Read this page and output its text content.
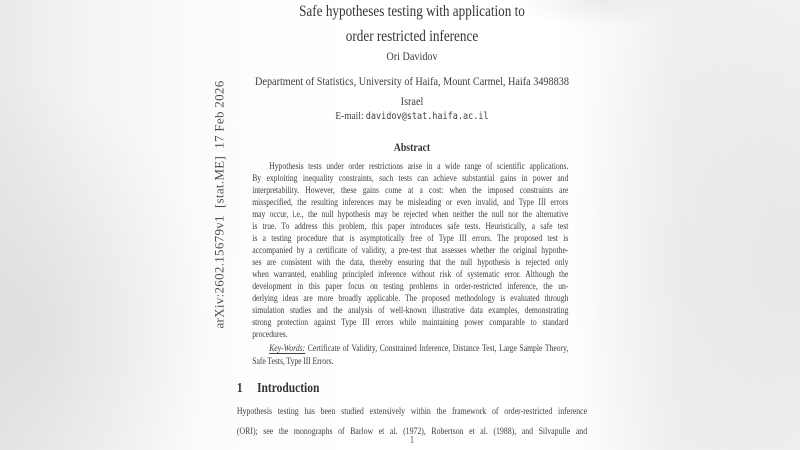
arXiv:2602.15679v1  [stat.ME]  17 Feb 2026
Safe hypotheses testing with application to
order restricted inference
Ori Davidov
Department of Statistics, University of Haifa, Mount Carmel, Haifa 3498838
Israel
E-mail: davidov@stat.haifa.ac.il
Abstract
Hypothesis tests under order restrictions arise in a wide range of scientific applications.
By exploiting inequality constraints, such tests can achieve substantial gains in power and
interpretability. However, these gains come at a cost: when the imposed constraints are
misspecified, the resulting inferences may be misleading or even invalid, and Type III errors
may occur, i.e., the null hypothesis may be rejected when neither the null nor the alternative
is true. To address this problem, this paper introduces safe tests. Heuristically, a safe test
is a testing procedure that is asymptotically free of Type III errors. The proposed test is
accompanied by a certificate of validity, a pre-test that assesses whether the original hypothe-
ses are consistent with the data, thereby ensuring that the null hypothesis is rejected only
when warranted, enabling principled inference without risk of systematic error. Although the
development in this paper focus on testing problems in order-restricted inference, the un-
derlying ideas are more broadly applicable. The proposed methodology is evaluated through
simulation studies and the analysis of well-known illustrative data examples, demonstrating
strong protection against Type III errors while maintaining power comparable to standard
procedures.
Key-Words: Certificate of Validity, Constrained Inference, Distance Test, Large Sample Theory, Safe Tests, Type III Errors.
1 Introduction
Hypothesis testing has been studied extensively within the framework of order-restricted inference
(ORI); see the monographs of Barlow et al. (1972), Robertson et al. (1988), and Silvapulle and
1
